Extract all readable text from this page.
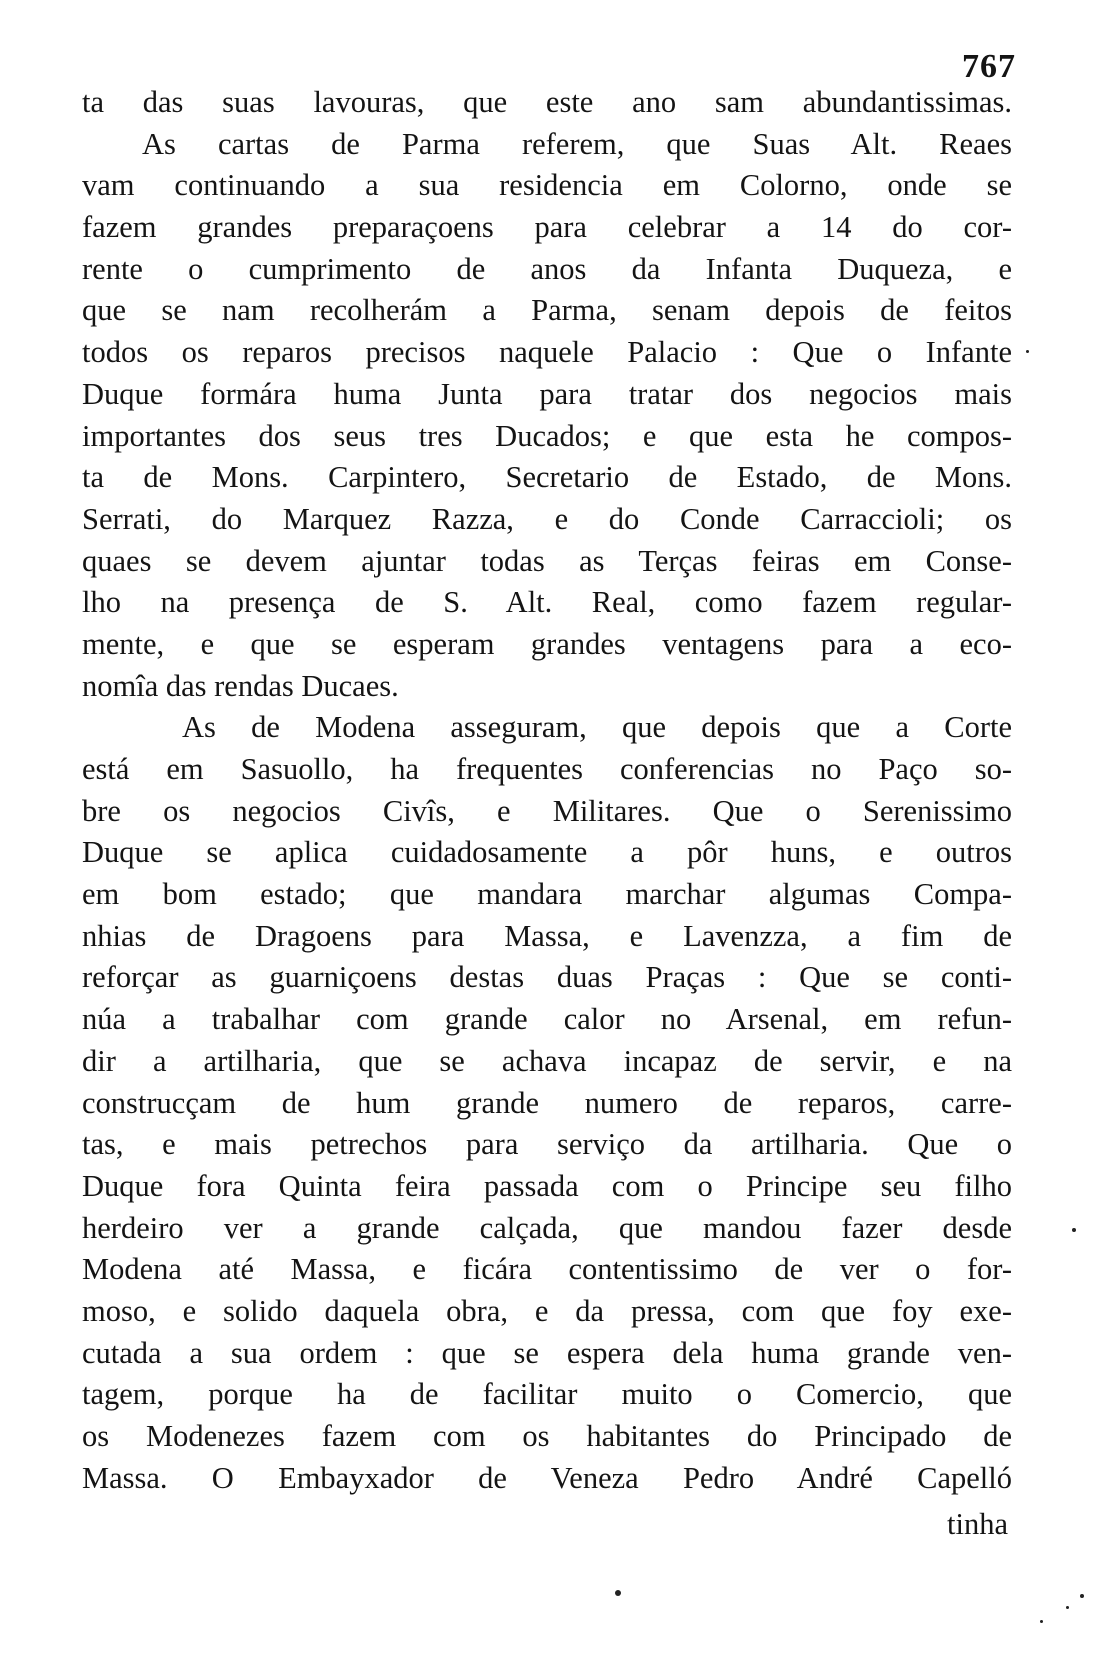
767
ta das suas lavouras, que este ano sam abundantissimas.
As cartas de Parma referem, que Suas Alt. Reaes
vam continuando a sua residencia em Colorno, onde se
fazem grandes preparaçoens para celebrar a 14 do cor-
rente o cumprimento de anos da Infanta Duqueza, e
que se nam recolherám a Parma, senam depois de feitos
todos os reparos precisos naquele Palacio : Que o Infante
Duque formára huma Junta para tratar dos negocios mais
importantes dos seus tres Ducados; e que esta he compos-
ta de Mons. Carpintero, Secretario de Estado, de Mons.
Serrati, do Marquez Razza, e do Conde Carraccioli; os
quaes se devem ajuntar todas as Terças feiras em Conse-
lho na presença de S. Alt. Real, como fazem regular-
mente, e que se esperam grandes ventagens para a eco-
nomîa das rendas Ducaes.
As de Modena asseguram, que depois que a Corte
está em Sasuollo, ha frequentes conferencias no Paço so-
bre os negocios Civîs, e Militares. Que o Serenissimo
Duque se aplica cuidadosamente a pôr huns, e outros
em bom estado; que mandara marchar algumas Compa-
nhias de Dragoens para Massa, e Lavenzza, a fim de
reforçar as guarniçoens destas duas Praças : Que se conti-
núa a trabalhar com grande calor no Arsenal, em refun-
dir a artilharia, que se achava incapaz de servir, e na
construcçam de hum grande numero de reparos, carre-
tas, e mais petrechos para serviço da artilharia. Que o
Duque fora Quinta feira passada com o Principe seu filho
herdeiro ver a grande calçada, que mandou fazer desde
Modena até Massa, e ficára contentissimo de ver o for-
moso, e solido daquela obra, e da pressa, com que foy exe-
cutada a sua ordem : que se espera dela huma grande ven-
tagem, porque ha de facilitar muito o Comercio, que
os Modenezes fazem com os habitantes do Principado de
Massa. O Embayxador de Veneza Pedro André Capelló
tinha
